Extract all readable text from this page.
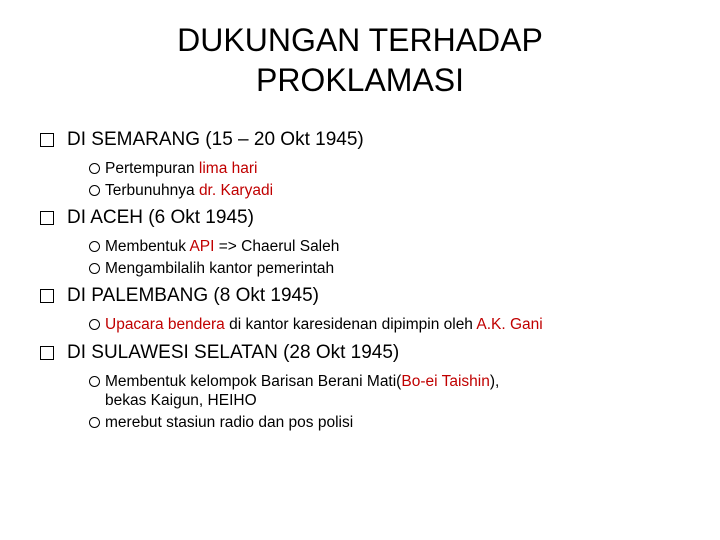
DUKUNGAN TERHADAP
PROKLAMASI
DI SEMARANG (15 – 20 Okt 1945)
Pertempuran lima hari
Terbunuhnya dr. Karyadi
DI ACEH (6 Okt 1945)
Membentuk API => Chaerul Saleh
Mengambilalih kantor pemerintah
DI PALEMBANG (8 Okt 1945)
Upacara bendera di kantor karesidenan dipimpin oleh A.K. Gani
DI SULAWESI SELATAN (28 Okt 1945)
Membentuk kelompok Barisan Berani Mati(Bo-ei Taishin),
bekas Kaigun, HEIHO
merebut stasiun radio dan pos polisi
